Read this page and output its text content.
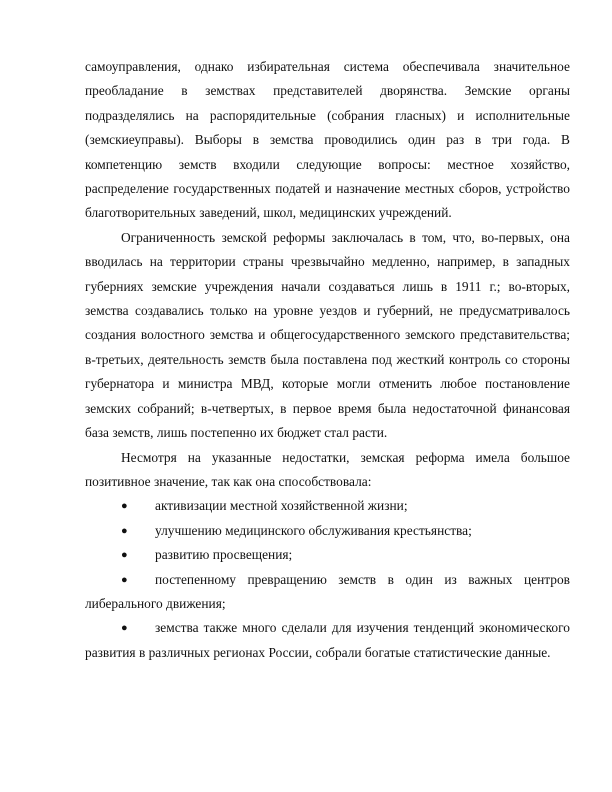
самоуправления, однако избирательная система обеспечивала значительное преобладание в земствах представителей дворянства. Земские органы подразделялись на распорядительные (собрания гласных) и исполнительные (земскиеуправы). Выборы в земства проводились один раз в три года. В компетенцию земств входили следующие вопросы: местное хозяйство, распределение государственных податей и назначение местных сборов, устройство благотворительных заведений, школ, медицинских учреждений.

Ограниченность земской реформы заключалась в том, что, во-первых, она вводилась на территории страны чрезвычайно медленно, например, в западных губерниях земские учреждения начали создаваться лишь в 1911 г.; во-вторых, земства создавались только на уровне уездов и губерний, не предусматривалось создания волостного земства и общегосударственного земского представительства; в-третьих, деятельность земств была поставлена под жесткий контроль со стороны губернатора и министра МВД, которые могли отменить любое постановление земских собраний; в-четвертых, в первое время была недостаточной финансовая база земств, лишь постепенно их бюджет стал расти.

Несмотря на указанные недостатки, земская реформа имела большое позитивное значение, так как она способствовала:

● активизации местной хозяйственной жизни;
● улучшению медицинского обслуживания крестьянства;
● развитию просвещения;
● постепенному превращению земств в один из важных центров либерального движения;
● земства также много сделали для изучения тенденций экономического развития в различных регионах России, собрали богатые статистические данные.
